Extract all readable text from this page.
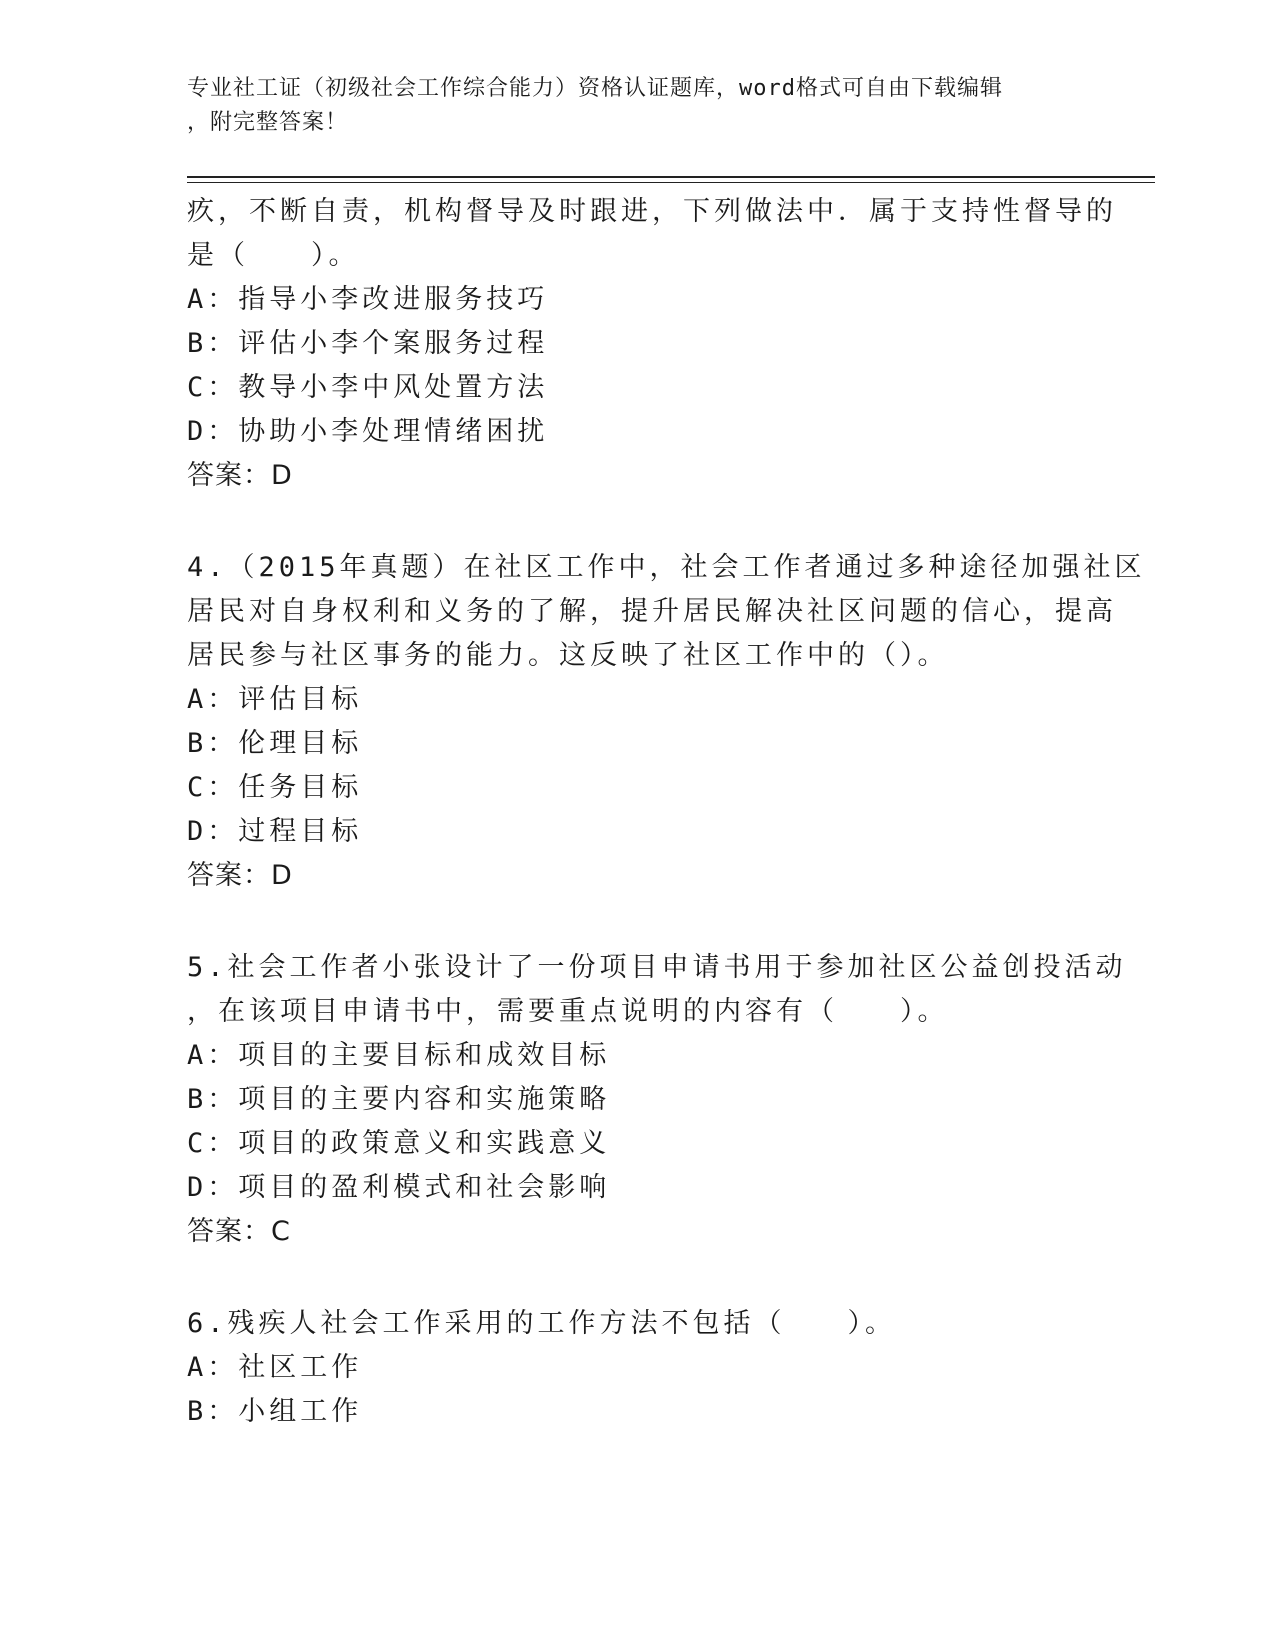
专业社工证（初级社会工作综合能力）资格认证题库，word格式可自由下载编辑
，附完整答案！
疚，不断自责，机构督导及时跟进，下列做法中．属于支持性督导的
是（　　）。
A：指导小李改进服务技巧
B：评估小李个案服务过程
C：教导小李中风处置方法
D：协助小李处理情绪困扰
答案：D
4.（2015年真题）在社区工作中，社会工作者通过多种途径加强社区
居民对自身权利和义务的了解，提升居民解决社区问题的信心，提高
居民参与社区事务的能力。这反映了社区工作中的（）。
A：评估目标
B：伦理目标
C：任务目标
D：过程目标
答案：D
5.社会工作者小张设计了一份项目申请书用于参加社区公益创投活动
，在该项目申请书中，需要重点说明的内容有（　　）。
A：项目的主要目标和成效目标
B：项目的主要内容和实施策略
C：项目的政策意义和实践意义
D：项目的盈利模式和社会影响
答案：C
6.残疾人社会工作采用的工作方法不包括（　　）。
A：社区工作
B：小组工作
